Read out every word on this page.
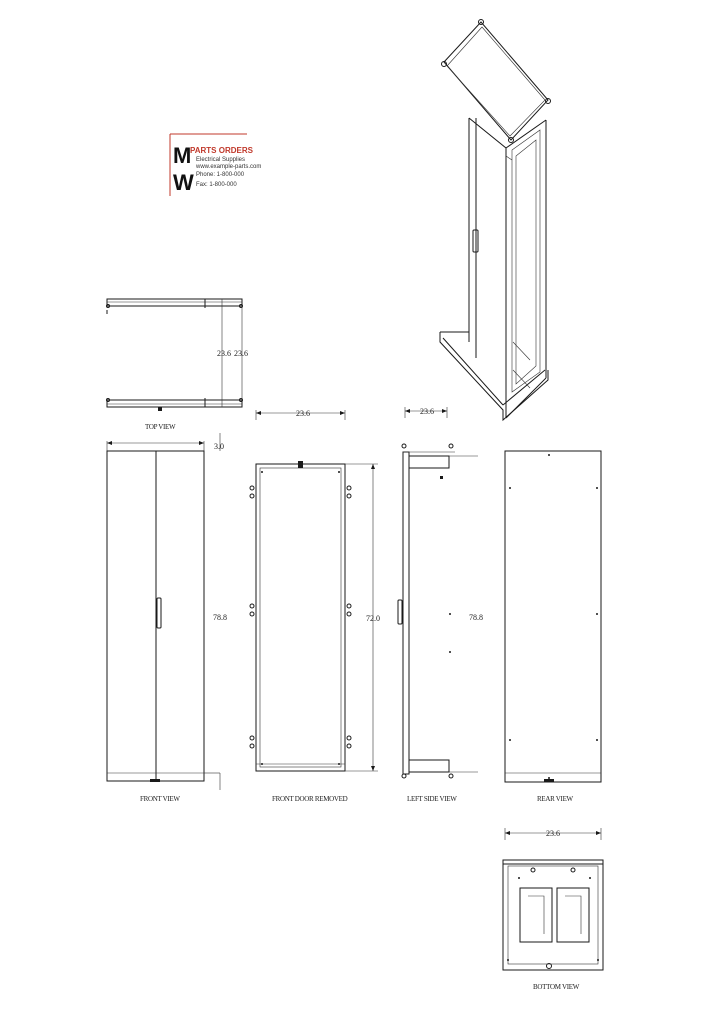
M
W
PARTS ORDERS
Electrical Supplies
www.example-parts.com
Phone: 1-800-000
Fax: 1-800-000
23.6 23.6
TOP VIEW
3.0
78.8
FRONT VIEW
23.6
72.0
FRONT DOOR REMOVED
23.6
78.8
LEFT SIDE VIEW	REAR VIEW
23.6
BOTTOM VIEW
